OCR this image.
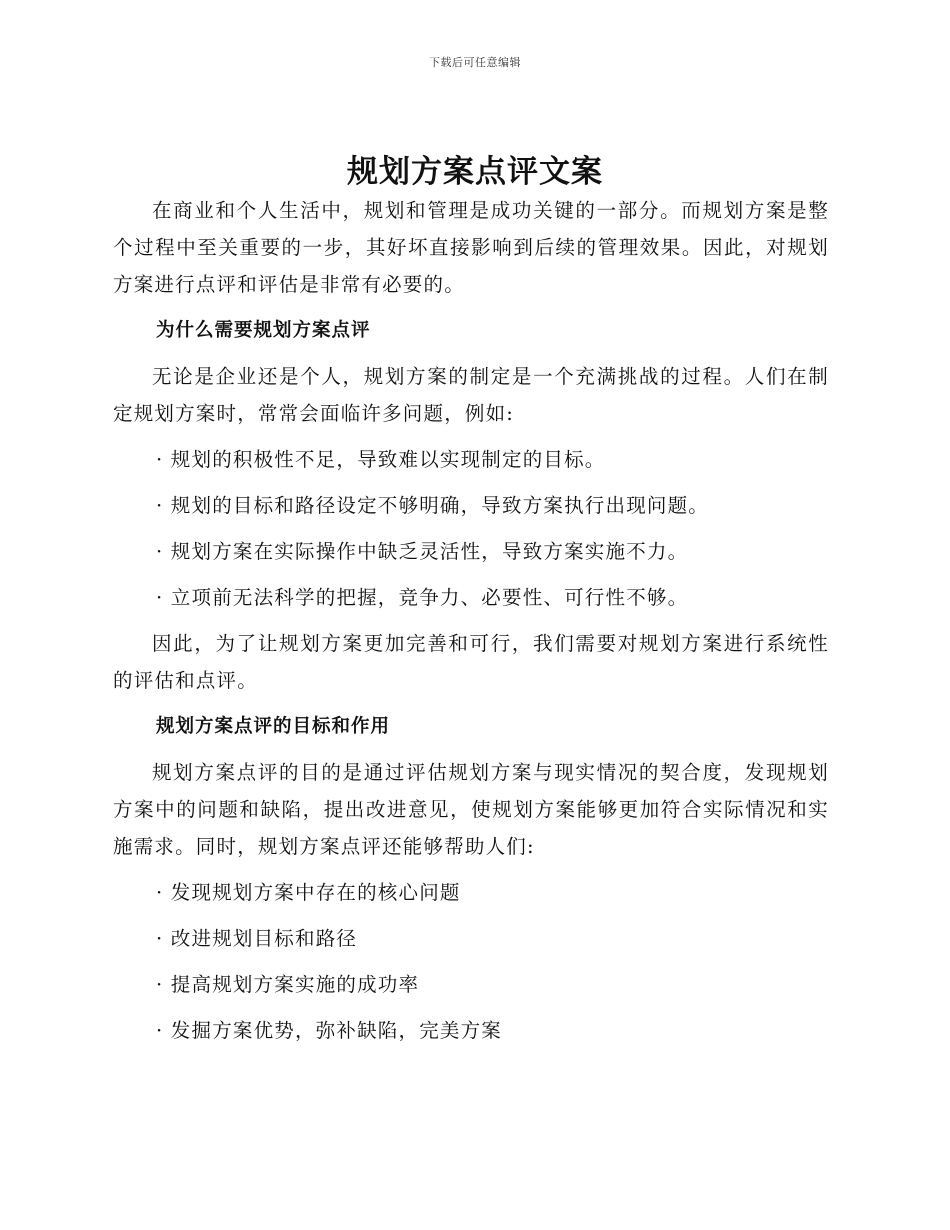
下载后可任意编辑
规划方案点评文案

在商业和个人生活中，规划和管理是成功关键的一部分。而规划方案是整个过程中至关重要的一步，其好坏直接影响到后续的管理效果。因此，对规划方案进行点评和评估是非常有必要的。

为什么需要规划方案点评

无论是企业还是个人，规划方案的制定是一个充满挑战的过程。人们在制定规划方案时，常常会面临许多问题，例如:

· 规划的积极性不足，导致难以实现制定的目标。
· 规划的目标和路径设定不够明确，导致方案执行出现问题。
· 规划方案在实际操作中缺乏灵活性，导致方案实施不力。
· 立项前无法科学的把握，竞争力、必要性、可行性不够。

因此，为了让规划方案更加完善和可行，我们需要对规划方案进行系统性的评估和点评。

规划方案点评的目标和作用

规划方案点评的目的是通过评估规划方案与现实情况的契合度，发现规划方案中的问题和缺陷，提出改进意见，使规划方案能够更加符合实际情况和实施需求。同时，规划方案点评还能够帮助人们:

· 发现规划方案中存在的核心问题
· 改进规划目标和路径
· 提高规划方案实施的成功率
· 发掘方案优势，弥补缺陷，完美方案
